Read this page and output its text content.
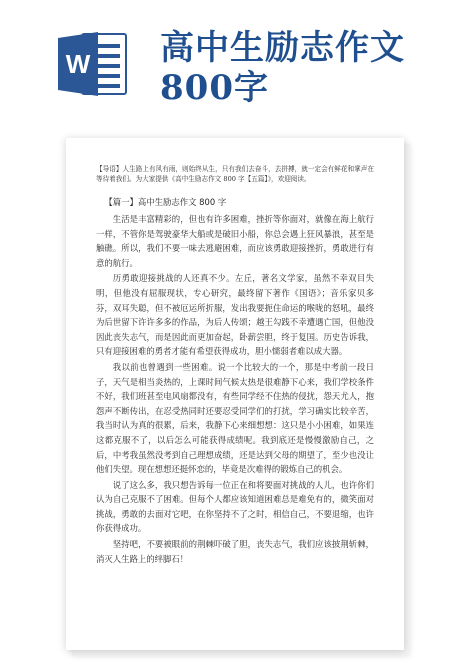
W 高中生励志作文800字

【导语】人生路上有风有雨，则始终从生，只有我们去奋斗，去拼搏，就一定会有鲜花和掌声在等待着我们。为大家提供《高中生励志作文 800 字【五篇】》，欢迎阅读。

【篇一】高中生励志作文 800 字

生活是丰富精彩的，但也有许多困难，挫折等你面对，就像在海上航行一样，不管你是驾驶豪华大船或是破旧小船，你总会遇上狂风暴浪，甚至是触礁。所以，我们不要一味去逃避困难，而应该勇敢迎接挫折，勇敢进行有意的航行。

历勇敢迎接挑战的人还真不少。左丘，著名文学家，虽然不幸双目失明，但他没有屈服现状，专心研究，最终留下著作《国语》；音乐家贝多芬，双耳失聪，但不被厄运所折服，发出我要扼住命运的喉咙的怒吼，最终为后世留下许许多多的作品，为后人传颂；越王勾践不幸遭遇亡国，但他没因此丧失志气，而是因此而更加奋起，卧薪尝胆，终于复国。历史告诉我，只有迎接困难的勇者才能有希望获得成功，胆小懦弱者难以成大器。

我以前也曾遇到一些困难。说一个比较大的一个，那是中考前一段日子，天气是相当炎热的，上课时间气候太热是很难静下心来，我们学校条件不好，我们班甚至电风扇都没有，有些同学经不住热的侵扰，怨天尤人，抱怨声不断传出，在忍受热同时还要忍受同学们的打扰，学习确实比较辛苦，我当时认为真的很累，后来，我静下心来细想想：这只是小小困难，如果连这都克服不了，以后怎么可能获得成绩呢。我到底还是慢慢激励自己，之后，中考我虽然没考到自己理想成绩，还是达到父母的期望了，至少也没让他们失望。现在想想还挺怀恋的，毕竟是次难得的锻炼自己的机会。

说了这么多，我只想告诉每一位正在和将要面对挑战的人儿，也许你们认为自己克服不了困难。但每个人都应该知道困难总是难免有的，微笑面对挑战，勇敢的去面对它吧，在你坚持不了之时，相信自己，不要退缩，也许你获得成功。

坚持吧，不要被眼前的荆棘吓破了胆，丧失志气，我们应该披荆斩棘，消灭人生路上的绊脚石！
